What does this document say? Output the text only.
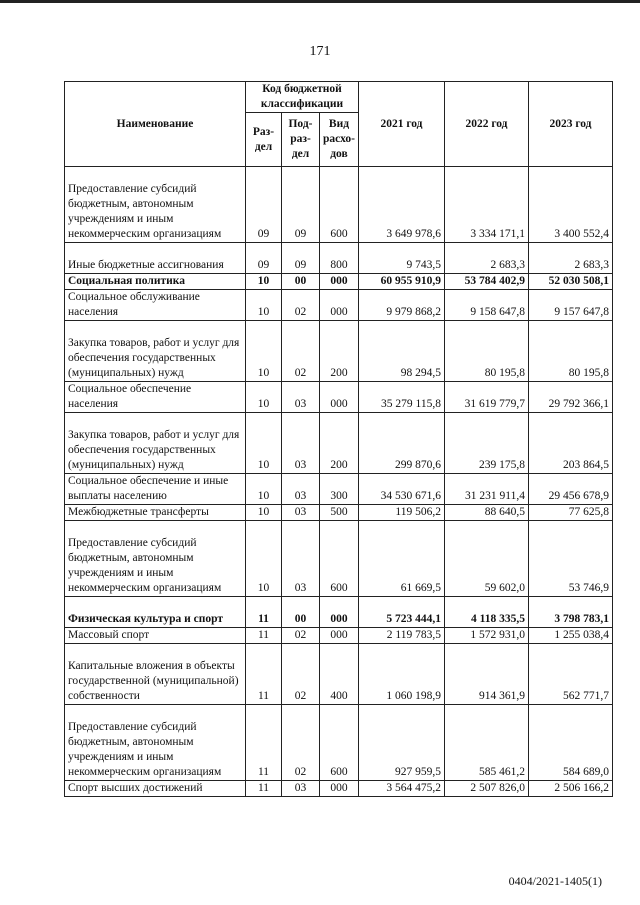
171
Наименование	Код бюджетной классификации			2021 год	2022 год	2023 год
	Раз-дел	Под-раз-дел	Вид расхо-дов			
Предоставление субсидий бюджетным, автономным учреждениям и иным некоммерческим организациям	09	09	600	3 649 978,6	3 334 171,1	3 400 552,4
Иные бюджетные ассигнования	09	09	800	9 743,5	2 683,3	2 683,3
Социальная политика	10	00	000	60 955 910,9	53 784 402,9	52 030 508,1
Социальное обслуживание населения	10	02	000	9 979 868,2	9 158 647,8	9 157 647,8
Закупка товаров, работ и услуг для обеспечения государственных (муниципальных) нужд	10	02	200	98 294,5	80 195,8	80 195,8
Социальное обеспечение населения	10	03	000	35 279 115,8	31 619 779,7	29 792 366,1
Закупка товаров, работ и услуг для обеспечения государственных (муниципальных) нужд	10	03	200	299 870,6	239 175,8	203 864,5
Социальное обеспечение и иные выплаты населению	10	03	300	34 530 671,6	31 231 911,4	29 456 678,9
Межбюджетные трансферты	10	03	500	119 506,2	88 640,5	77 625,8
Предоставление субсидий бюджетным, автономным учреждениям и иным некоммерческим организациям	10	03	600	61 669,5	59 602,0	53 746,9
Физическая культура и спорт	11	00	000	5 723 444,1	4 118 335,5	3 798 783,1
Массовый спорт	11	02	000	2 119 783,5	1 572 931,0	1 255 038,4
Капитальные вложения в объекты государственной (муниципальной) собственности	11	02	400	1 060 198,9	914 361,9	562 771,7
Предоставление субсидий бюджетным, автономным учреждениям и иным некоммерческим организациям	11	02	600	927 959,5	585 461,2	584 689,0
Спорт высших достижений	11	03	000	3 564 475,2	2 507 826,0	2 506 166,2
0404/2021-1405(1)
